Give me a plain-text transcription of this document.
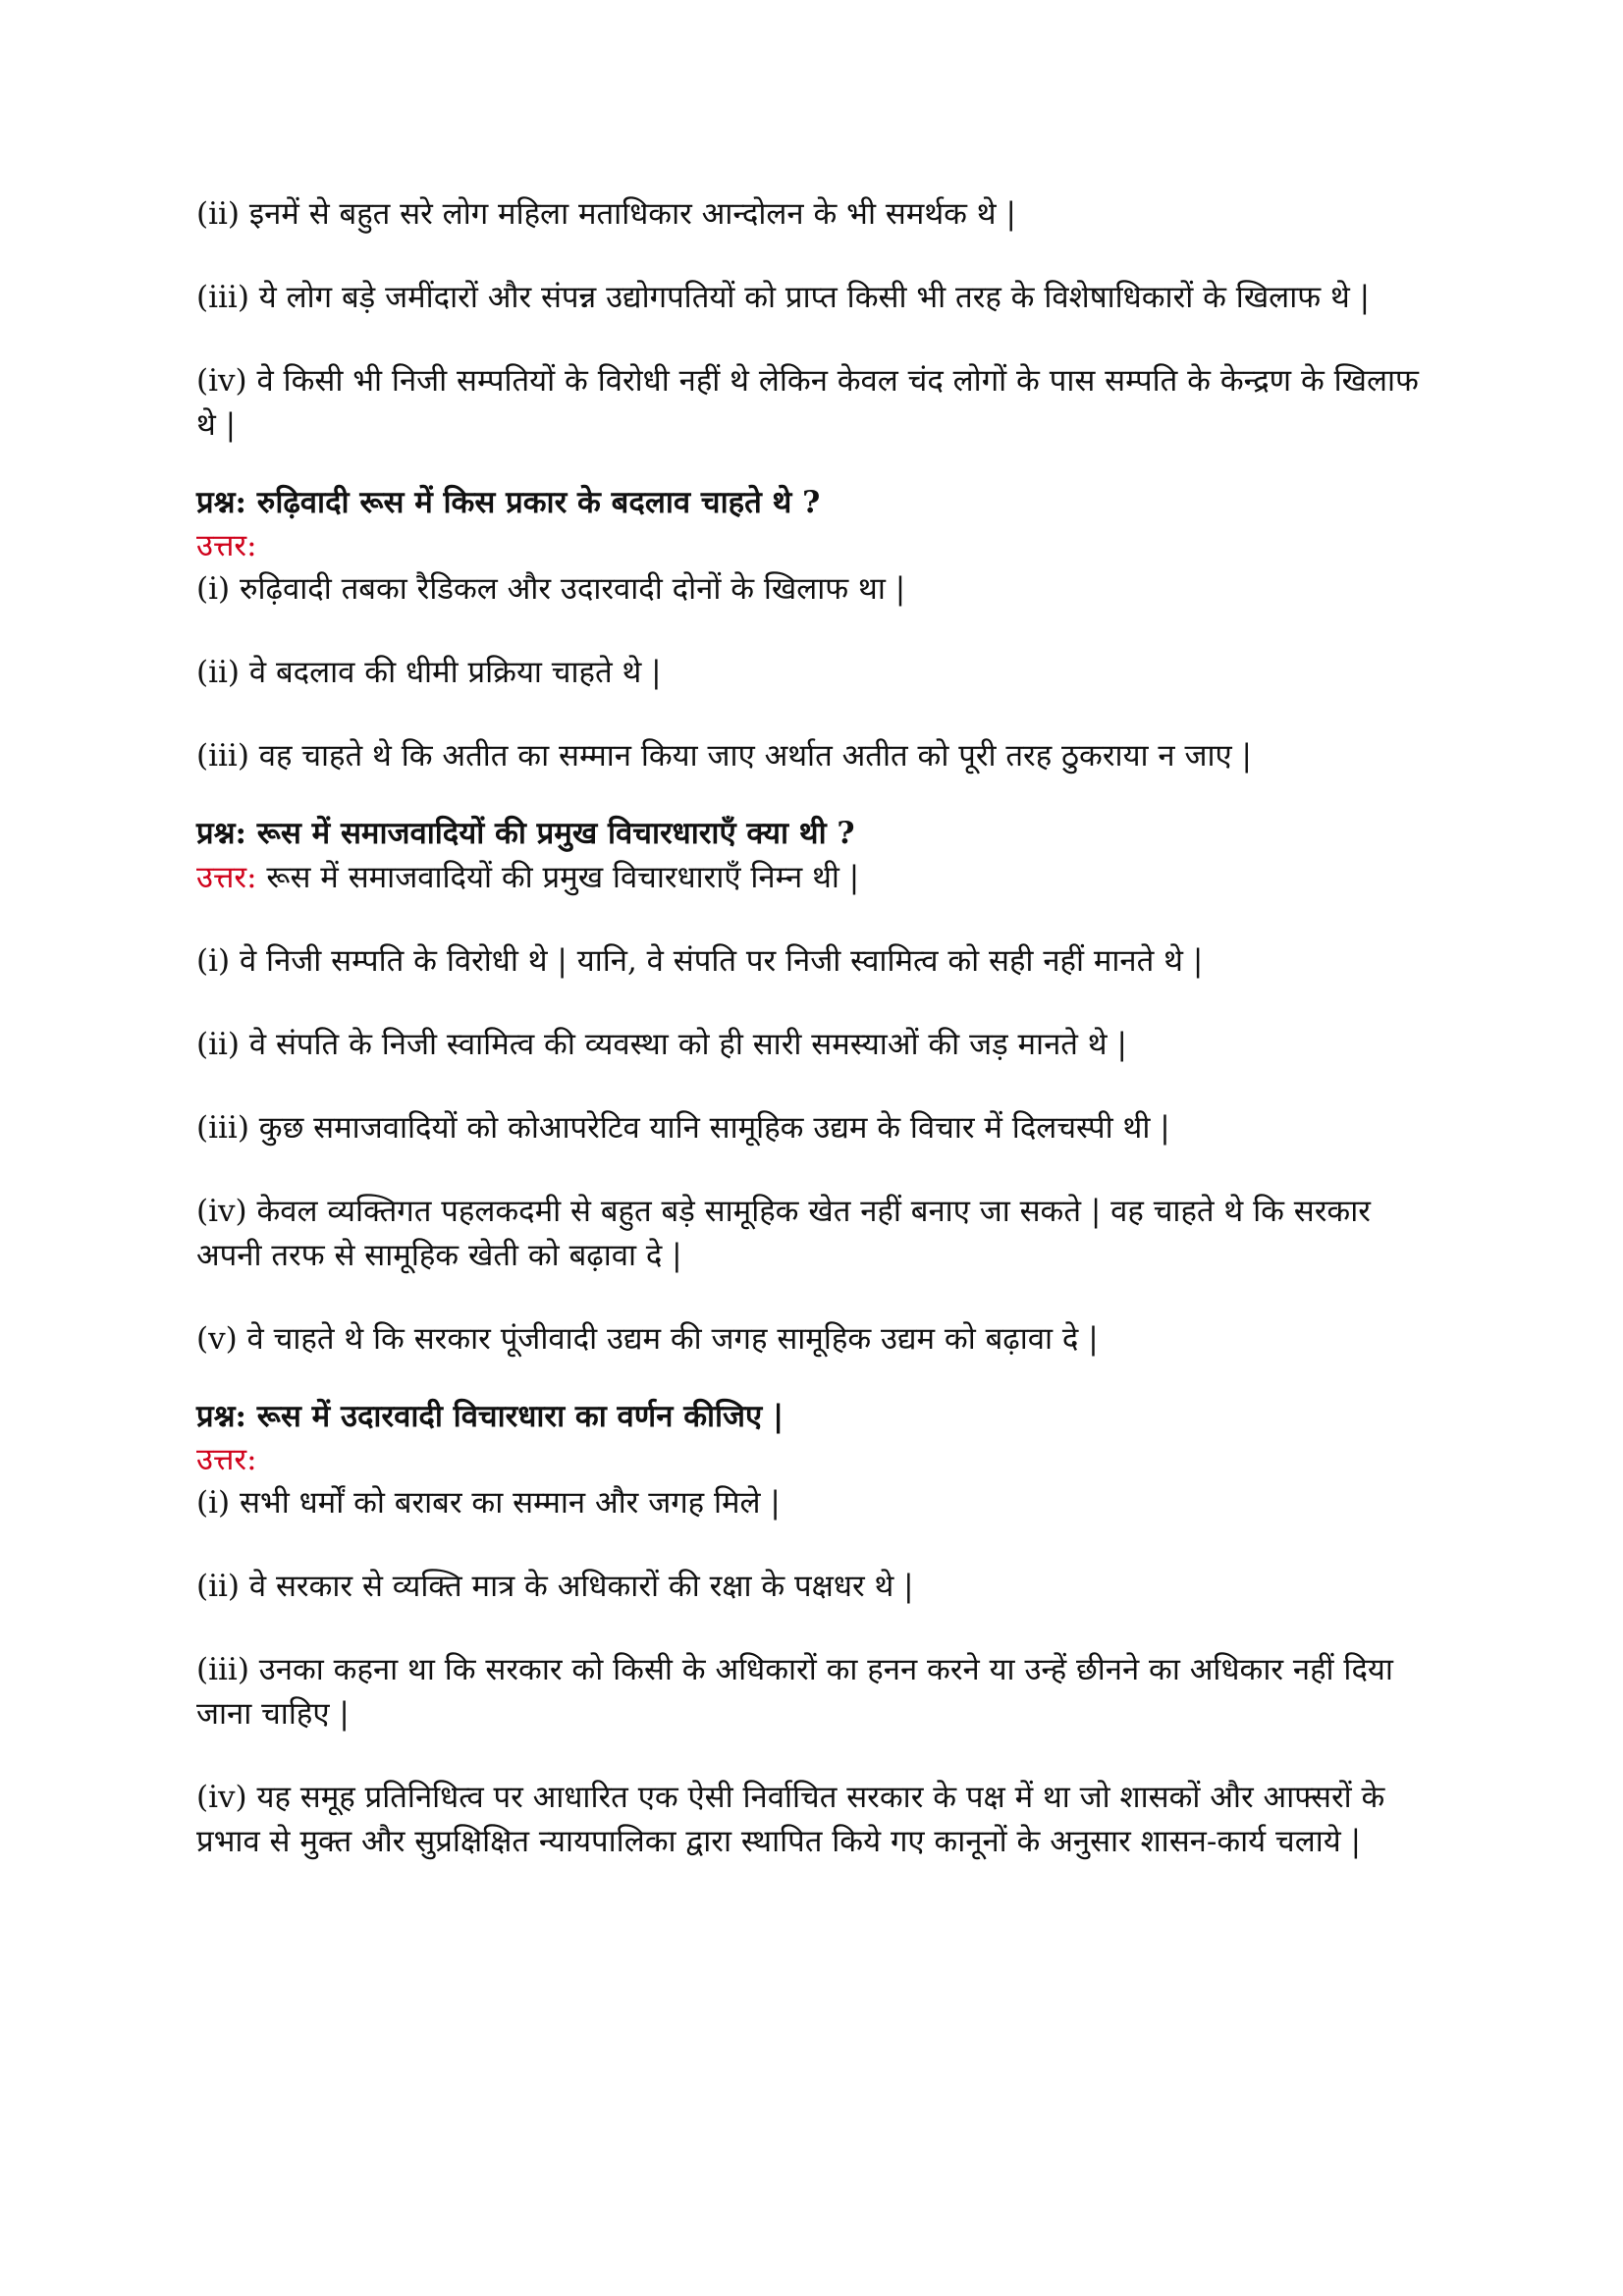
(ii) इनमें से बहुत सरे लोग महिला मताधिकार आन्दोलन के भी समर्थक थे |

(iii) ये लोग बड़े जमींदारों और संपन्न उद्योगपतियों को प्राप्त किसी भी तरह के विशेषाधिकारों के खिलाफ थे |

(iv) वे किसी भी निजी सम्पतियों के विरोधी नहीं थे लेकिन केवल चंद लोगों के पास सम्पति के केन्द्रण के खिलाफ थे |

प्रश्न: रुढ़िवादी रूस में किस प्रकार के बदलाव चाहते थे ?

उत्तर:

(i) रुढ़िवादी तबका रैडिकल और उदारवादी दोनों के खिलाफ था |

(ii) वे बदलाव की धीमी प्रक्रिया चाहते थे |

(iii) वह चाहते थे कि अतीत का सम्मान किया जाए अर्थात अतीत को पूरी तरह ठुकराया न जाए |

प्रश्न: रूस में समाजवादियों की प्रमुख विचारधाराएँ क्या थी ?

उत्तर: रूस में समाजवादियों की प्रमुख विचारधाराएँ निम्न थी |

(i) वे निजी सम्पति के विरोधी थे | यानि, वे संपति पर निजी स्वामित्व को सही नहीं मानते थे |

(ii) वे संपति के निजी स्वामित्व की व्यवस्था को ही सारी समस्याओं की जड़ मानते थे |

(iii) कुछ समाजवादियों को कोआपरेटिव यानि सामूहिक उद्यम के विचार में दिलचस्पी थी |

(iv) केवल व्यक्तिगत पहलकदमी से बहुत बड़े सामूहिक खेत नहीं बनाए जा सकते | वह चाहते थे कि सरकार अपनी तरफ से सामूहिक खेती को बढ़ावा दे |

(v) वे चाहते थे कि सरकार पूंजीवादी उद्यम की जगह सामूहिक उद्यम को बढ़ावा दे |

प्रश्न: रूस में उदारवादी विचारधारा का वर्णन कीजिए |

उत्तर:

(i) सभी धर्मों को बराबर का सम्मान और जगह मिले |

(ii) वे सरकार से व्यक्ति मात्र के अधिकारों की रक्षा के पक्षधर थे |

(iii) उनका कहना था कि सरकार को किसी के अधिकारों का हनन करने या उन्हें छीनने का अधिकार नहीं दिया जाना चाहिए |

(iv) यह समूह प्रतिनिधित्व पर आधारित एक ऐसी निर्वाचित सरकार के पक्ष में था जो शासकों और आफ्सरों के प्रभाव से मुक्त और सुप्रक्षिक्षित न्यायपालिका द्वारा स्थापित किये गए कानूनों के अनुसार शासन-कार्य चलाये |
